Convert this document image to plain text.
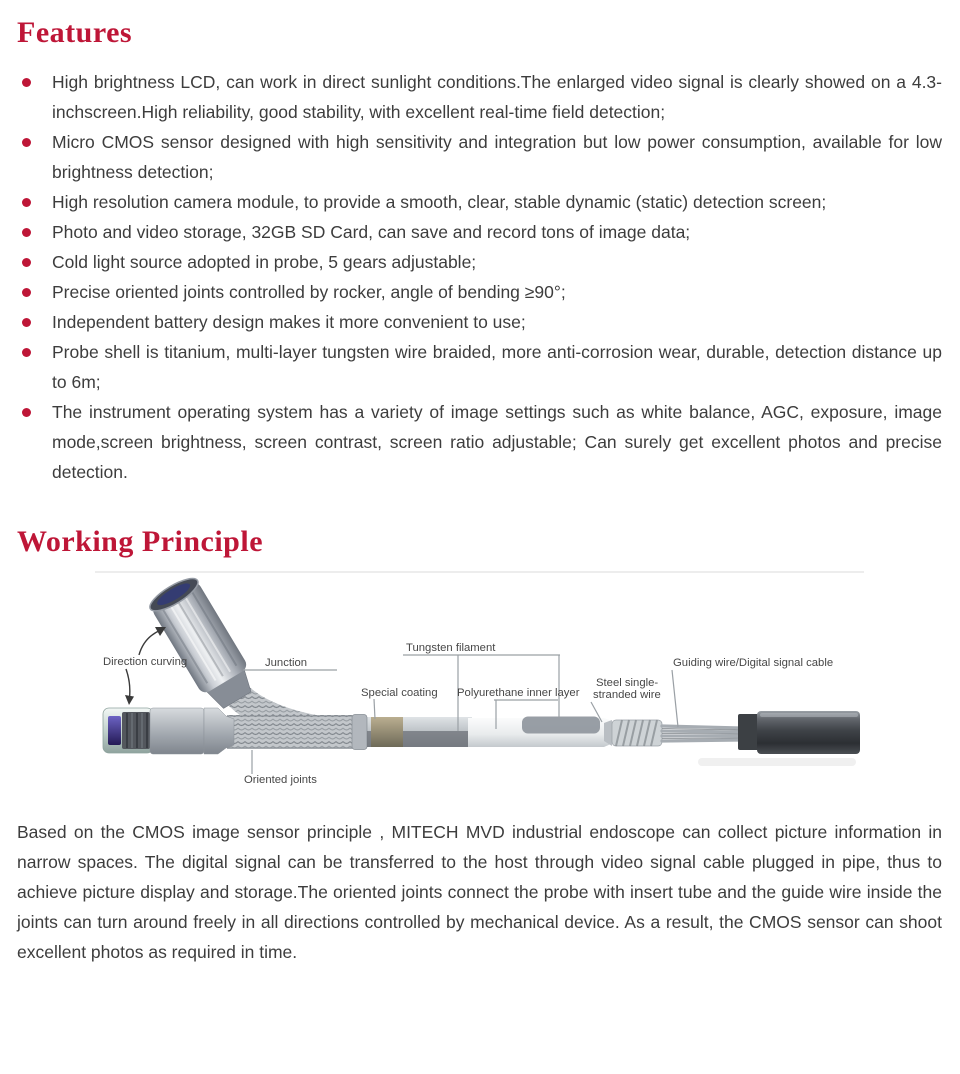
Features
High brightness LCD, can work in direct sunlight conditions.The enlarged video signal is clearly showed on a 4.3-inchscreen.High reliability, good stability, with excellent real-time field detection;
Micro CMOS sensor designed with high sensitivity and integration but low power consumption, available for low brightness detection;
High resolution camera module, to provide a smooth, clear, stable dynamic (static) detection screen;
Photo and video storage, 32GB SD Card, can save and record tons of image data;
Cold light source adopted in probe, 5 gears adjustable;
Precise oriented joints controlled by rocker, angle of bending ≥90°;
Independent battery design makes it more convenient to use;
Probe shell is titanium, multi-layer tungsten wire braided, more anti-corrosion wear, durable, detection distance up to 6m;
The instrument operating system has a variety of image settings such as white balance, AGC, exposure, image mode,screen brightness, screen contrast, screen ratio adjustable; Can surely get excellent photos and precise detection.
Working Principle
Direction curving	Junction
Tungsten filament
Special coating Polyurethane inner layer
Steel single-
stranded wire
Guiding wire/Digital signal cable
Oriented joints

Based on the CMOS image sensor principle , MITECH MVD industrial endoscope can collect picture information in narrow spaces. The digital signal can be transferred to the host through video signal cable plugged in pipe, thus to achieve picture display and storage.The oriented joints connect the probe with insert tube and the guide wire inside the joints can turn around freely in all directions controlled by mechanical device. As a result, the CMOS sensor can shoot excellent photos as required in time.
